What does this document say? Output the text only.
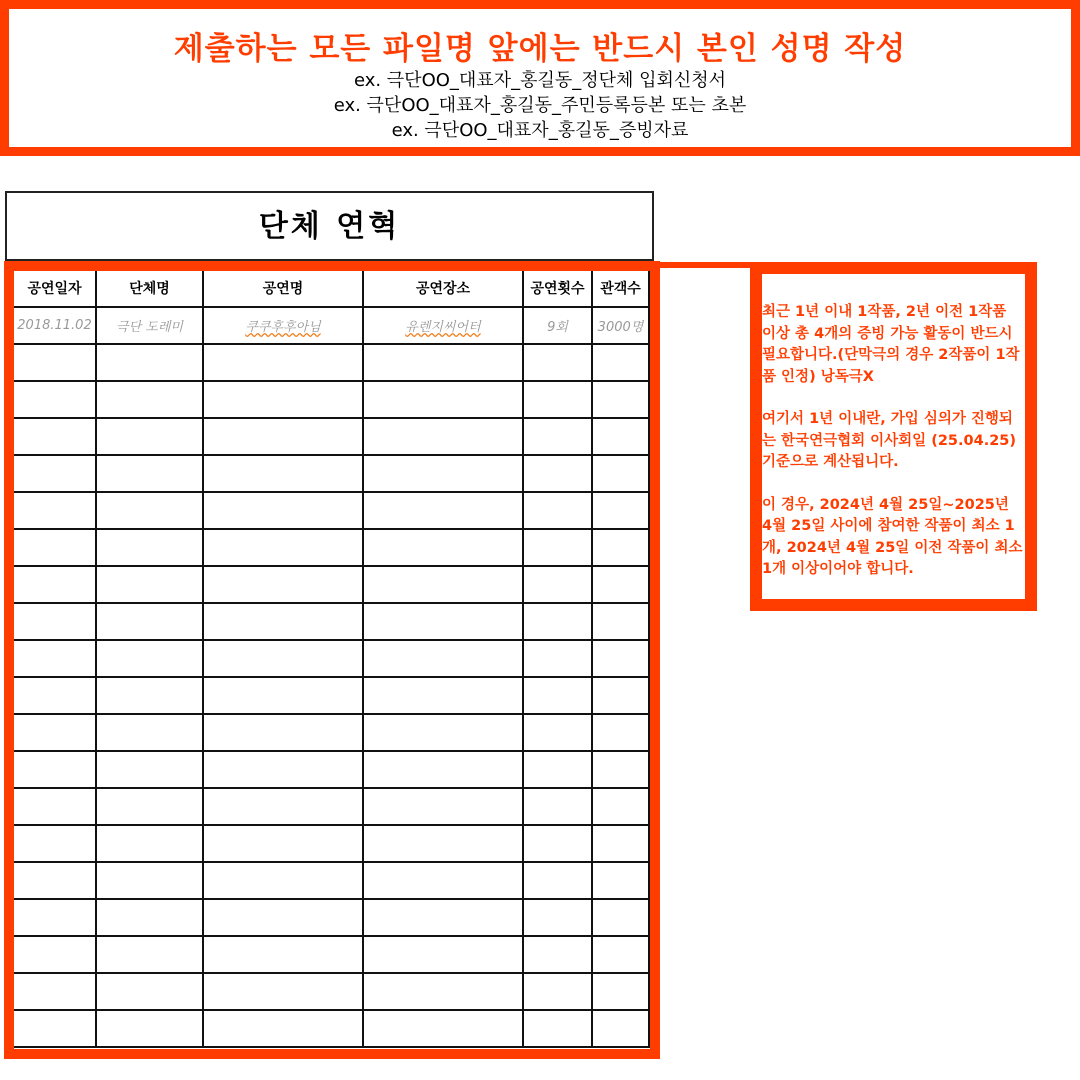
제출하는 모든 파일명 앞에는 반드시 본인 성명 작성
ex. 극단OO_대표자_홍길동_정단체 입회신청서
ex. 극단OO_대표자_홍길동_주민등록등본 또는 초본
ex. 극단OO_대표자_홍길동_증빙자료
단체 연혁
공연일자	단체명	공연명	공연장소	공연횟수	관객수
2018.11.02	극단 도레미	쿠쿠후후아님	유렌지씨어터	9회	3000명

최근 1년 이내 1작품, 2년 이전 1작품 이상 총 4개의 증빙 가능 활동이 반드시 필요합니다.(단막극의 경우 2작품이 1작품 인정) 낭독극X

여기서 1년 이내란, 가입 심의가 진행되는 한국연극협회 이사회일 (25.04.25)기준으로 계산됩니다.

이 경우, 2024년 4월 25일~2025년 4월 25일 사이에 참여한 작품이 최소 1개, 2024년 4월 25일 이전 작품이 최소 1개 이상이어야 합니다.
